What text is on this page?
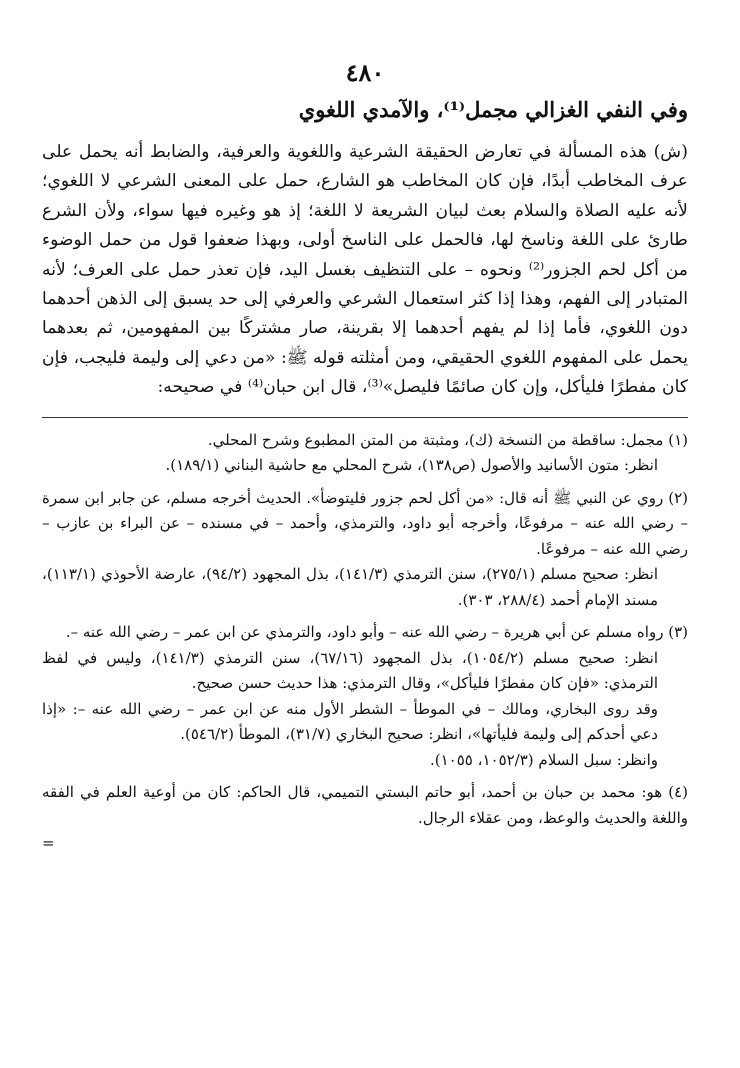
٤٨٠
وفي النفي الغزالي مجمل⁽¹⁾، والآمدي اللغوي

(ش) هذه المسألة في تعارض الحقيقة الشرعية واللغوية والعرفية، والضابط أنه يحمل على عرف المخاطب أبدًا، فإن كان المخاطب هو الشارع، حمل على المعنى الشرعي لا اللغوي؛ لأنه عليه الصلاة والسلام بعث لبيان الشريعة لا اللغة؛ إذ هو وغيره فيها سواء، ولأن الشرع طارئ على اللغة وناسخ لها، فالحمل على الناسخ أولى، وبهذا ضعفوا قول من حمل الوضوء من أكل لحم الجزور⁽²⁾ ونحوه – على التنظيف بغسل اليد، فإن تعذر حمل على العرف؛ لأنه المتبادر إلى الفهم، وهذا إذا كثر استعمال الشرعي والعرفي إلى حد يسبق إلى الذهن أحدهما دون اللغوي، فأما إذا لم يفهم أحدهما إلا بقرينة، صار مشتركًا بين المفهومين، ثم بعدهما يحمل على المفهوم اللغوي الحقيقي، ومن أمثلته قوله ﷺ: «من دعي إلى وليمة فليجب، فإن كان مفطرًا فليأكل، وإن كان صائمًا فليصل»⁽³⁾، قال ابن حبان⁽⁴⁾ في صحيحه:

(١) مجمل: ساقطة من النسخة (ك)، ومثبتة من المتن المطبوع وشرح المحلي.
انظر: متون الأسانيد والأصول (ص١٣٨)، شرح المحلي مع حاشية البناني (١٨٩/١).
(٢) روي عن النبي ﷺ أنه قال: «من أكل لحم جزور فليتوضأ». الحديث أخرجه مسلم، عن جابر ابن سمرة – رضي الله عنه – مرفوعًا، وأخرجه أبو داود، والترمذي، وأحمد – في مسنده – عن البراء بن عازب – رضي الله عنه – مرفوعًا.
انظر: صحيح مسلم (٢٧٥/١)، سنن الترمذي (١٤١/٣)، بذل المجهود (٩٤/٢)، عارضة الأحوذي (١١٣/١)، مسند الإمام أحمد (٢٨٨/٤، ٣٠٣).
(٣) رواه مسلم عن أبي هريرة – رضي الله عنه – وأبو داود، والترمذي عن ابن عمر – رضي الله عنه –.
انظر: صحيح مسلم (١٠٥٤/٢)، بذل المجهود (٦٧/١٦)، سنن الترمذي (١٤١/٣)، وليس في لفظ الترمذي: «فإن كان مفطرًا فليأكل»، وقال الترمذي: هذا حديث حسن صحيح.
وقد روى البخاري، ومالك – في الموطأ – الشطر الأول منه عن ابن عمر – رضي الله عنه –: «إذا دعي أحدكم إلى وليمة فليأتها»، انظر: صحيح البخاري (٣١/٧)، الموطأ (٥٤٦/٢).
وانظر: سبل السلام (١٠٥٢/٣، ١٠٥٥).
(٤) هو: محمد بن حبان بن أحمد، أبو حاتم البستي التميمي، قال الحاكم: كان من أوعية العلم في الفقه واللغة والحديث والوعظ، ومن عقلاء الرجال.
=
